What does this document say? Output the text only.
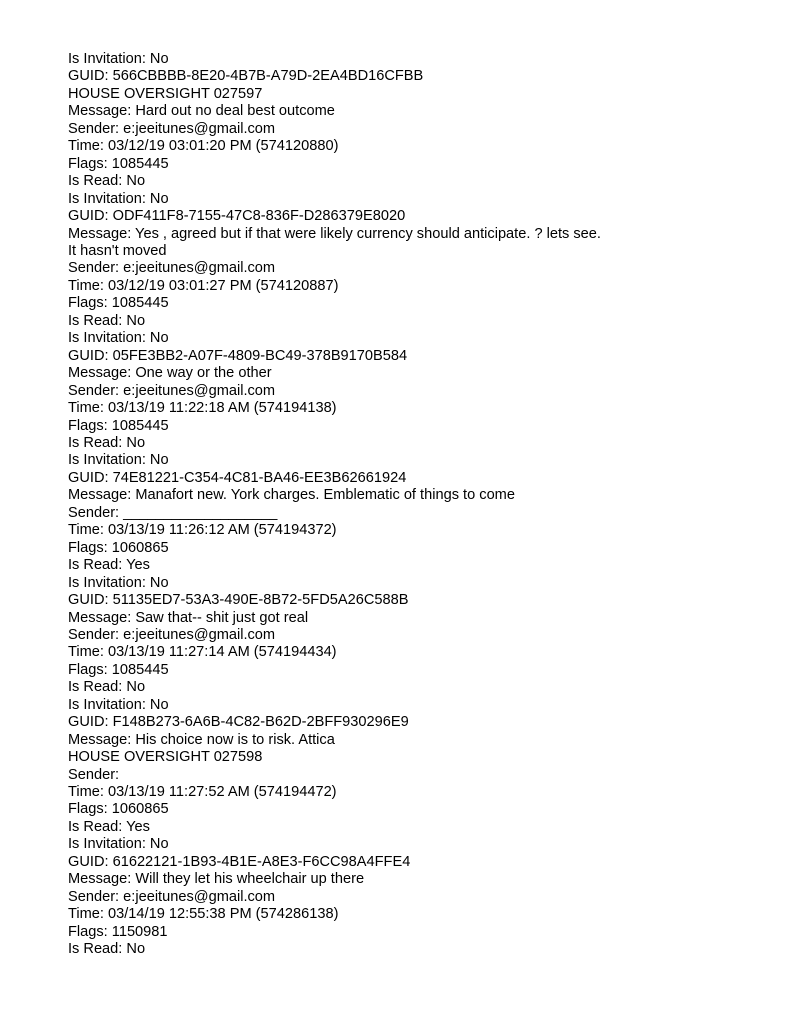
Is Invitation: No
GUID: 566CBBBB-8E20-4B7B-A79D-2EA4BD16CFBB
HOUSE OVERSIGHT 027597
Message: Hard out no deal best outcome
Sender: e:jeeitunes@gmail.com
Time: 03/12/19 03:01:20 PM (574120880)
Flags: 1085445
Is Read: No
Is Invitation: No
GUID: ODF411F8-7155-47C8-836F-D286379E8020
Message: Yes , agreed but if that were likely currency should anticipate. ? lets see.
It hasn't moved
Sender: e:jeeitunes@gmail.com
Time: 03/12/19 03:01:27 PM (574120887)
Flags: 1085445
Is Read: No
Is Invitation: No
GUID: 05FE3BB2-A07F-4809-BC49-378B9170B584
Message: One way or the other
Sender: e:jeeitunes@gmail.com
Time: 03/13/19 11:22:18 AM (574194138)
Flags: 1085445
Is Read: No
Is Invitation: No
GUID: 74E81221-C354-4C81-BA46-EE3B62661924
Message: Manafort new. York charges. Emblematic of things to come
Sender: ___________________
Time: 03/13/19 11:26:12 AM (574194372)
Flags: 1060865
Is Read: Yes
Is Invitation: No
GUID: 51135ED7-53A3-490E-8B72-5FD5A26C588B
Message: Saw that-- shit just got real
Sender: e:jeeitunes@gmail.com
Time: 03/13/19 11:27:14 AM (574194434)
Flags: 1085445
Is Read: No
Is Invitation: No
GUID: F148B273-6A6B-4C82-B62D-2BFF930296E9
Message: His choice now is to risk. Attica
HOUSE OVERSIGHT 027598
Sender:
Time: 03/13/19 11:27:52 AM (574194472)
Flags: 1060865
Is Read: Yes
Is Invitation: No
GUID: 61622121-1B93-4B1E-A8E3-F6CC98A4FFE4
Message: Will they let his wheelchair up there
Sender: e:jeeitunes@gmail.com
Time: 03/14/19 12:55:38 PM (574286138)
Flags: 1150981
Is Read: No
